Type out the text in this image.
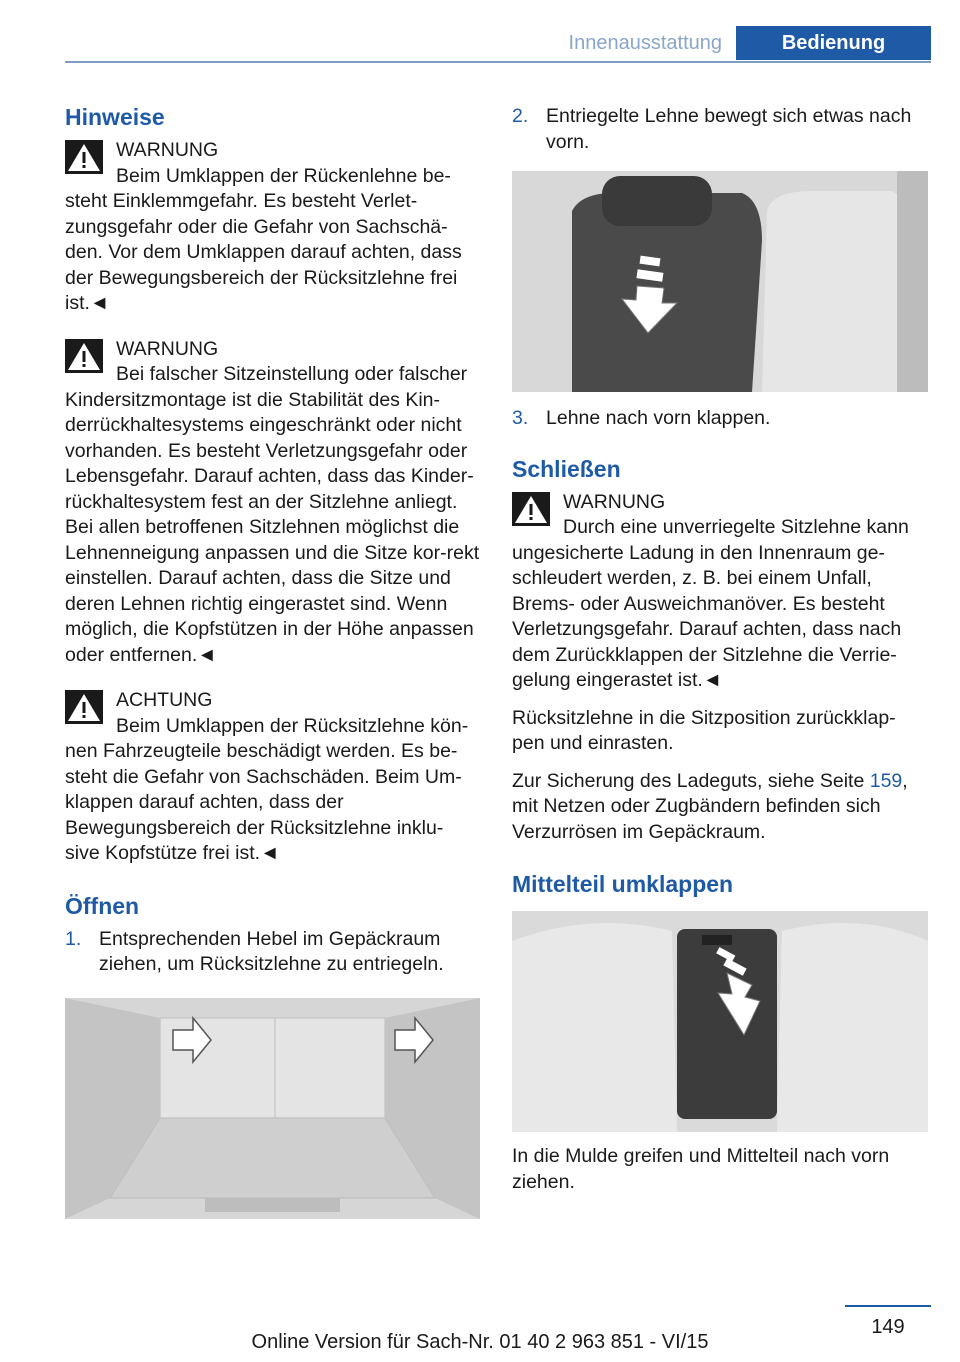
Innenausstattung	Bedienung
Hinweise

WARNUNG

Beim Umklappen der Rückenlehne be-

steht Einklemmgefahr. Es besteht Verlet-zungsgefahr oder die Gefahr von Sachschä-den. Vor dem Umklappen darauf achten, dass der Bewegungsbereich der Rücksitzlehne frei ist.◄

WARNUNG

Bei falscher Sitzeinstellung oder falscher

Kindersitzmontage ist die Stabilität des Kin-derrückhaltesystems eingeschränkt oder nicht vorhanden. Es besteht Verletzungsgefahr oder Lebensgefahr. Darauf achten, dass das Kinder-rückhaltesystem fest an der Sitzlehne anliegt. Bei allen betroffenen Sitzlehnen möglichst die Lehnenneigung anpassen und die Sitze kor-rekt einstellen. Darauf achten, dass die Sitze und deren Lehnen richtig eingerastet sind. Wenn möglich, die Kopfstützen in der Höhe anpassen oder entfernen.◄

ACHTUNG

Beim Umklappen der Rücksitzlehne kön-

nen Fahrzeugteile beschädigt werden. Es be-steht die Gefahr von Sachschäden. Beim Um-klappen darauf achten, dass der Bewegungsbereich der Rücksitzlehne inklu-sive Kopfstütze frei ist.◄

Öffnen
1. Entsprechenden Hebel im Gepäckraum ziehen, um Rücksitzlehne zu entriegeln.
2. Entriegelte Lehne bewegt sich etwas nach vorn.
3. Lehne nach vorn klappen.
Schließen

WARNUNG

Durch eine unverriegelte Sitzlehne kann

ungesicherte Ladung in den Innenraum ge-schleudert werden, z. B. bei einem Unfall, Brems- oder Ausweichmanöver. Es besteht Verletzungsgefahr. Darauf achten, dass nach dem Zurückklappen der Sitzlehne die Verrie-gelung eingerastet ist.◄

Rücksitzlehne in die Sitzposition zurückklap-pen und einrasten.

Zur Sicherung des Ladeguts, siehe Seite 159, mit Netzen oder Zugbändern befinden sich Verzurrösen im Gepäckraum.

Mittelteil umklappen

In die Mulde greifen und Mittelteil nach vorn ziehen.

149
Online Version für Sach-Nr. 01 40 2 963 851 - VI/15
